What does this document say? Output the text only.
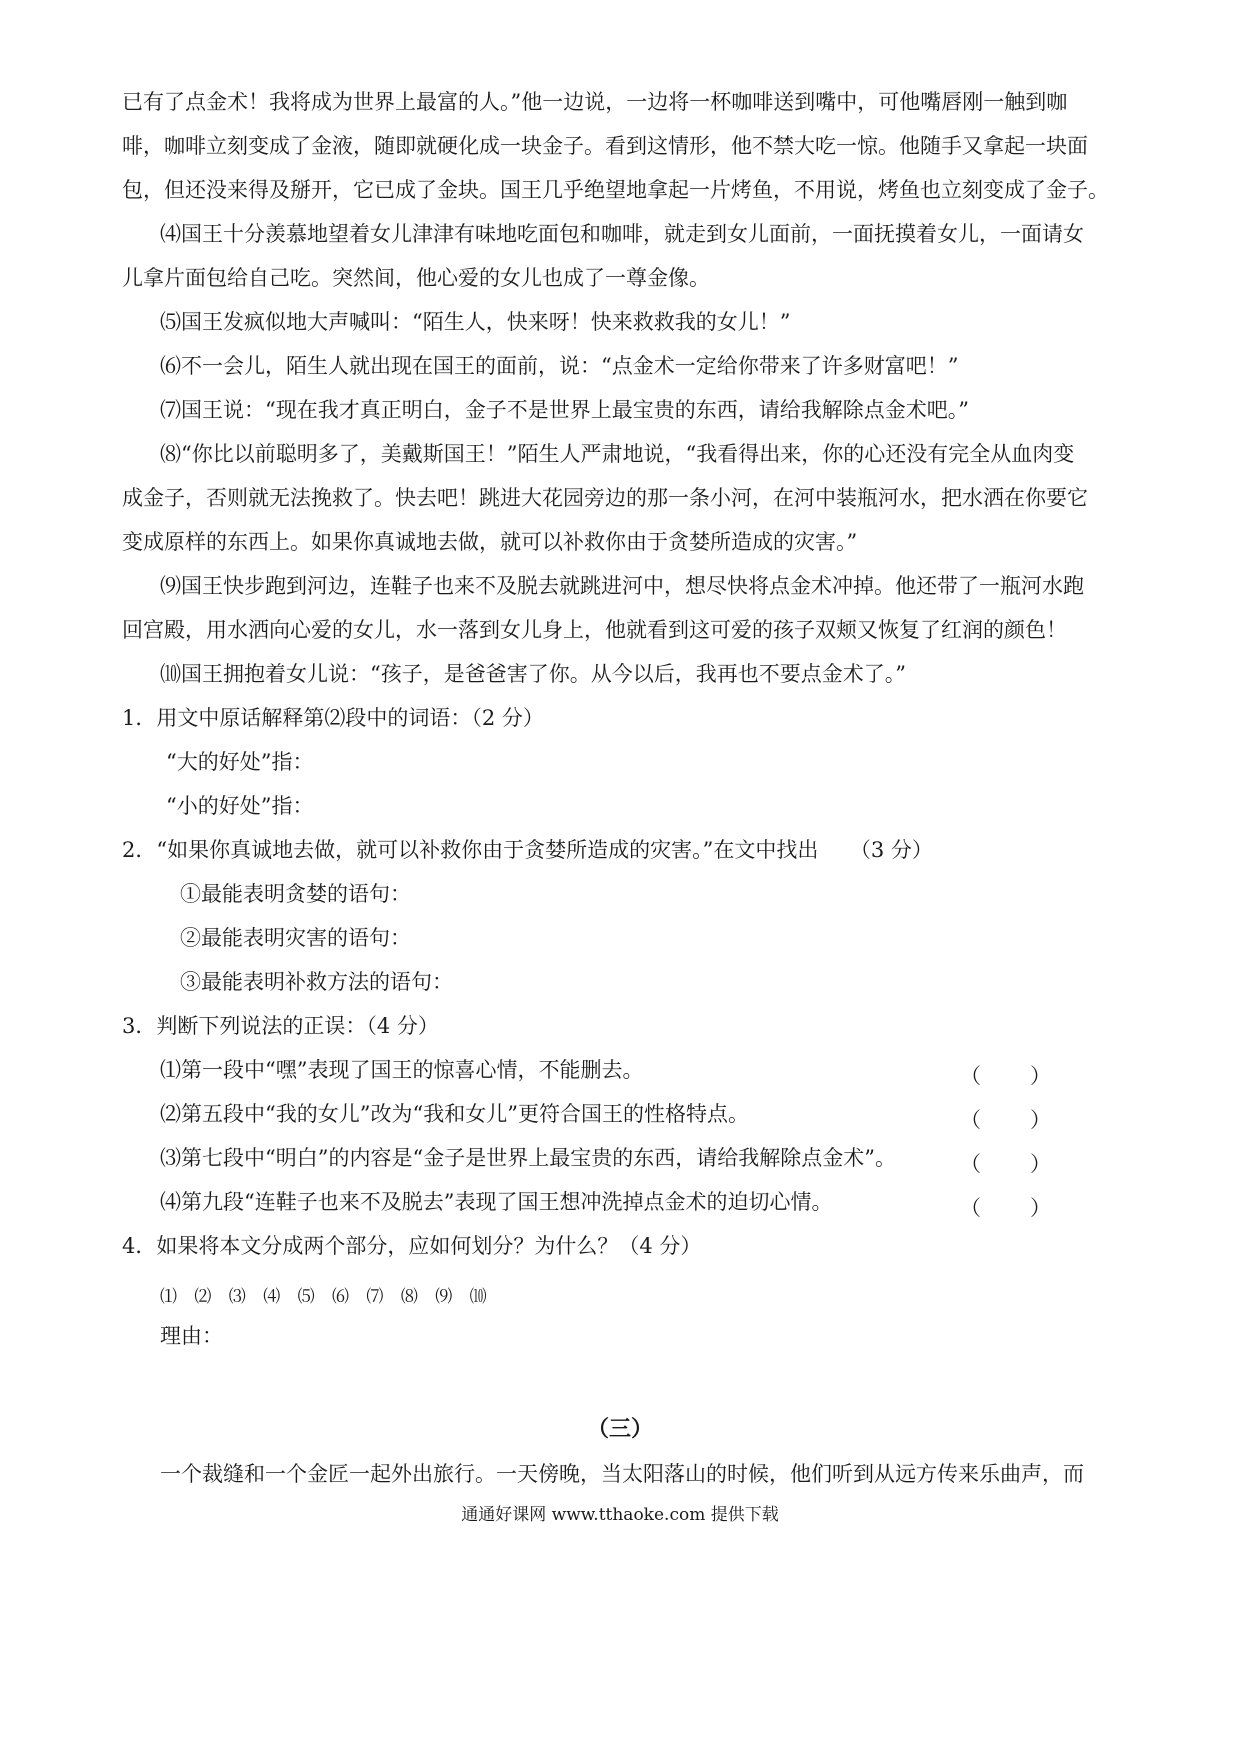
已有了点金术！我将成为世界上最富的人。”他一边说，一边将一杯咖啡送到嘴中，可他嘴唇刚一触到咖
啡，咖啡立刻变成了金液，随即就硬化成一块金子。看到这情形，他不禁大吃一惊。他随手又拿起一块面
包，但还没来得及掰开，它已成了金块。国王几乎绝望地拿起一片烤鱼，不用说，烤鱼也立刻变成了金子。
⑷国王十分羡慕地望着女儿津津有味地吃面包和咖啡，就走到女儿面前，一面抚摸着女儿，一面请女
儿拿片面包给自己吃。突然间，他心爱的女儿也成了一尊金像。
⑸国王发疯似地大声喊叫：“陌生人，快来呀！快来救救我的女儿！”
⑹不一会儿，陌生人就出现在国王的面前，说：“点金术一定给你带来了许多财富吧！”
⑺国王说：“现在我才真正明白，金子不是世界上最宝贵的东西，请给我解除点金术吧。”
⑻“你比以前聪明多了，美戴斯国王！”陌生人严肃地说，“我看得出来，你的心还没有完全从血肉变
成金子，否则就无法挽救了。快去吧！跳进大花园旁边的那一条小河，在河中装瓶河水，把水洒在你要它
变成原样的东西上。如果你真诚地去做，就可以补救你由于贪婪所造成的灾害。”
⑼国王快步跑到河边，连鞋子也来不及脱去就跳进河中，想尽快将点金术冲掉。他还带了一瓶河水跑
回宫殿，用水洒向心爱的女儿，水一落到女儿身上，他就看到这可爱的孩子双颊又恢复了红润的颜色！
⑽国王拥抱着女儿说：“孩子，是爸爸害了你。从今以后，我再也不要点金术了。”
1．用文中原话解释第⑵段中的词语：（2 分）
“大的好处”指：
“小的好处”指：
2．“如果你真诚地去做，就可以补救你由于贪婪所造成的灾害。”在文中找出　　（3 分）
①最能表明贪婪的语句：
②最能表明灾害的语句：
③最能表明补救方法的语句：
3．判断下列说法的正误：（4 分）
⑴第一段中“嘿”表现了国王的惊喜心情，不能删去。	（　）
⑵第五段中“我的女儿”改为“我和女儿”更符合国王的性格特点。	（　）
⑶第七段中“明白”的内容是“金子是世界上最宝贵的东西，请给我解除点金术”。	（　）
⑷第九段“连鞋子也来不及脱去”表现了国王想冲洗掉点金术的迫切心情。	（　）
4．如果将本文分成两个部分，应如何划分？为什么？（4 分）
⑴ ⑵ ⑶ ⑷ ⑸ ⑹ ⑺ ⑻ ⑼ ⑽
理由：
（三）
一个裁缝和一个金匠一起外出旅行。一天傍晚，当太阳落山的时候，他们听到从远方传来乐曲声，而
通通好课网 www.tthaoke.com 提供下载
